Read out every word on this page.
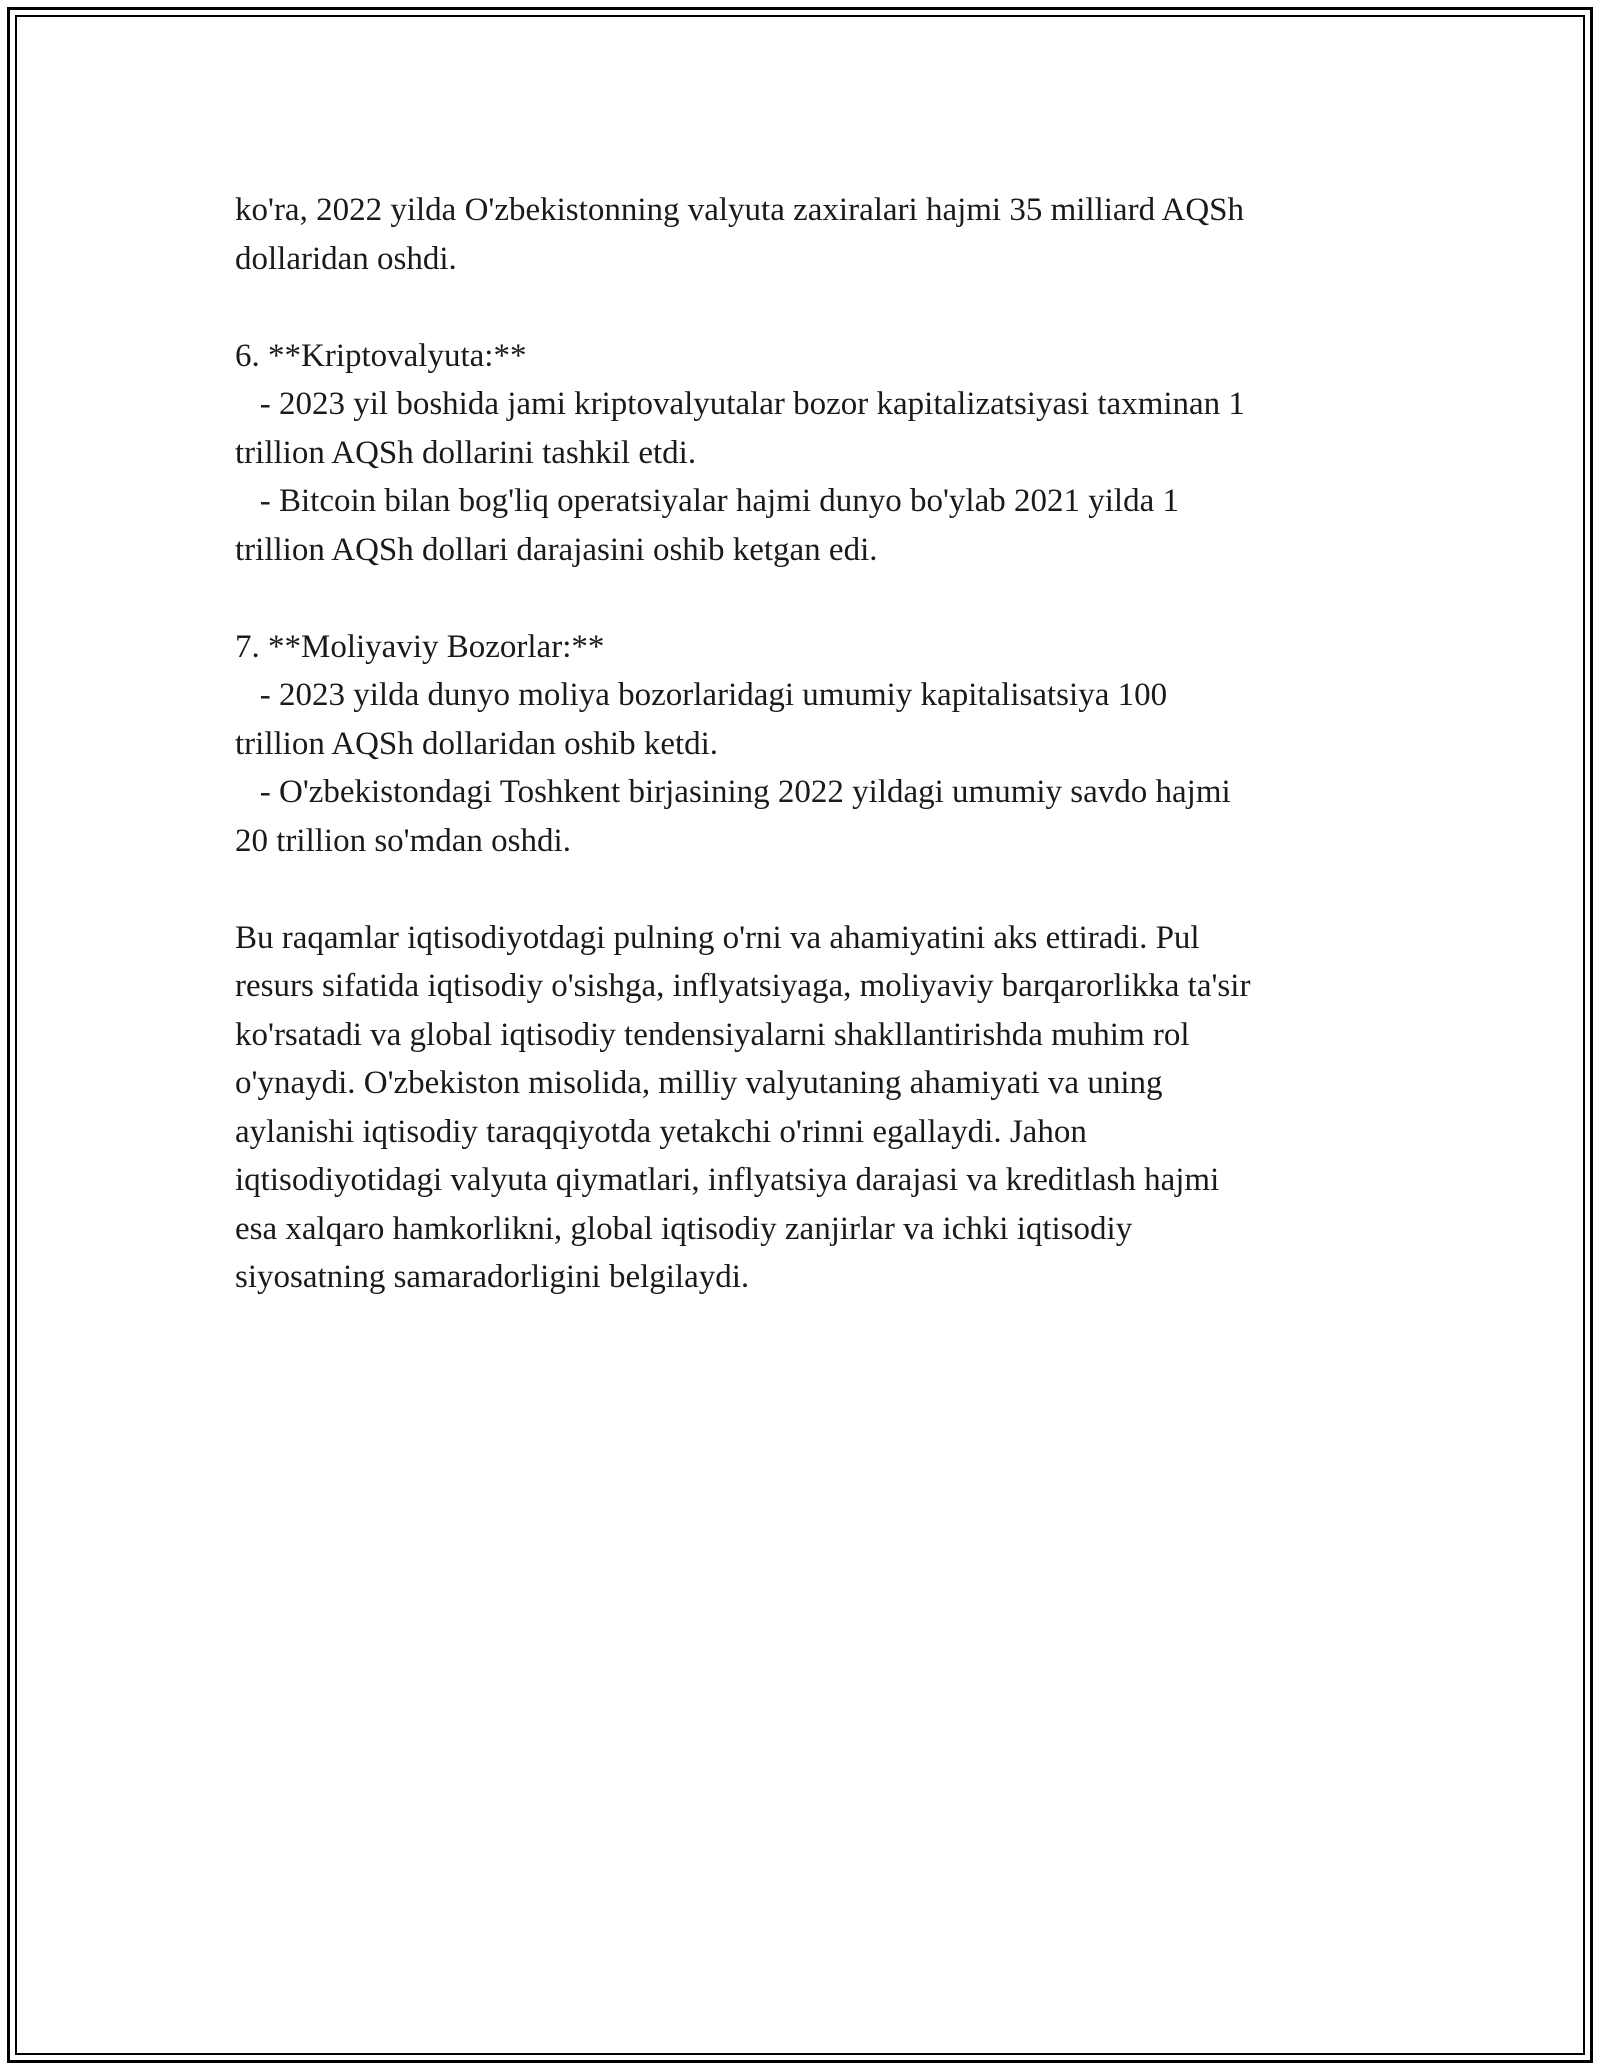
ko'ra, 2022 yilda O'zbekistonning valyuta zaxiralari hajmi 35 milliard AQSh

dollaridan oshdi.

6. **Kriptovalyuta:**

- 2023 yil boshida jami kriptovalyutalar bozor kapitalizatsiyasi taxminan 1

trillion AQSh dollarini tashkil etdi.

- Bitcoin bilan bog'liq operatsiyalar hajmi dunyo bo'ylab 2021 yilda 1

trillion AQSh dollari darajasini oshib ketgan edi.

7. **Moliyaviy Bozorlar:**

- 2023 yilda dunyo moliya bozorlaridagi umumiy kapitalisatsiya 100

trillion AQSh dollaridan oshib ketdi.

- O'zbekistondagi Toshkent birjasining 2022 yildagi umumiy savdo hajmi

20 trillion so'mdan oshdi.

Bu raqamlar iqtisodiyotdagi pulning o'rni va ahamiyatini aks ettiradi. Pul

resurs sifatida iqtisodiy o'sishga, inflyatsiyaga, moliyaviy barqarorlikka ta'sir

ko'rsatadi va global iqtisodiy tendensiyalarni shakllantirishda muhim rol

o'ynaydi. O'zbekiston misolida, milliy valyutaning ahamiyati va uning

aylanishi iqtisodiy taraqqiyotda yetakchi o'rinni egallaydi. Jahon

iqtisodiyotidagi valyuta qiymatlari, inflyatsiya darajasi va kreditlash hajmi

esa xalqaro hamkorlikni, global iqtisodiy zanjirlar va ichki iqtisodiy

siyosatning samaradorligini belgilaydi.
